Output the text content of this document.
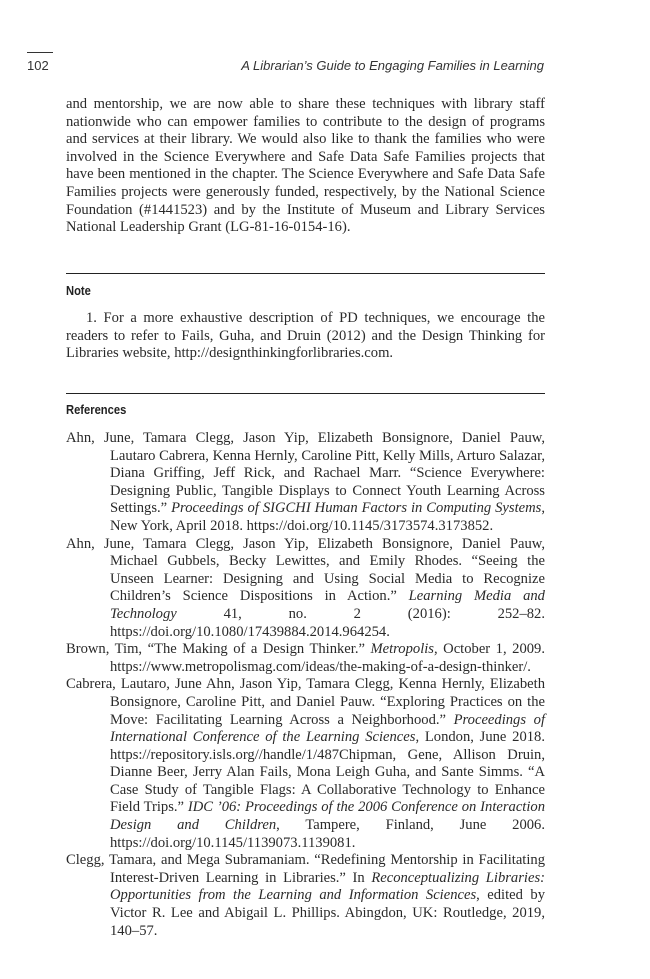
102	A Librarian’s Guide to Engaging Families in Learning

and mentorship, we are now able to share these techniques with library staff nationwide who can empower families to contribute to the design of programs and services at their library. We would also like to thank the families who were involved in the Science Everywhere and Safe Data Safe Families projects that have been mentioned in the chapter. The Science Everywhere and Safe Data Safe Families projects were generously funded, respectively, by the National Science Foundation (#1441523) and by the Institute of Museum and Library Services National Leadership Grant (LG-81-16-0154-16).

Note
1. For a more exhaustive description of PD techniques, we encourage the readers to refer to Fails, Guha, and Druin (2012) and the Design Thinking for Libraries website, http://designthinkingforlibraries.com.
References

Ahn, June, Tamara Clegg, Jason Yip, Elizabeth Bonsignore, Daniel Pauw, Lautaro Cabrera, Kenna Hernly, Caroline Pitt, Kelly Mills, Arturo Salazar, Diana Griffing, Jeff Rick, and Rachael Marr. “Science Everywhere: Designing Public, Tangible Displays to Connect Youth Learning Across Settings.” Proceedings of SIGCHI Human Factors in Computing Systems, New York, April 2018. https://doi.org/10.1145/3173574.3173852.

Ahn, June, Tamara Clegg, Jason Yip, Elizabeth Bonsignore, Daniel Pauw, Michael Gubbels, Becky Lewittes, and Emily Rhodes. “Seeing the Unseen Learner: Designing and Using Social Media to Recognize Children’s Science Dispositions in Action.” Learning Media and Technology 41, no. 2 (2016): 252–82. https://doi.org/10.1080/17439884.2014.964254.

Brown, Tim, “The Making of a Design Thinker.” Metropolis, October 1, 2009. https://www.metropolismag.com/ideas/the-making-of-a-design-thinker/.

Cabrera, Lautaro, June Ahn, Jason Yip, Tamara Clegg, Kenna Hernly, Elizabeth Bonsignore, Caroline Pitt, and Daniel Pauw. “Exploring Practices on the Move: Facilitating Learning Across a Neighborhood.” Proceedings of International Conference of the Learning Sciences, London, June 2018. https://repository.isls.org//handle/1/487Chipman, Gene, Allison Druin, Dianne Beer, Jerry Alan Fails, Mona Leigh Guha, and Sante Simms. “A Case Study of Tangible Flags: A Collaborative Technology to Enhance Field Trips.” IDC ’06: Proceedings of the 2006 Conference on Interaction Design and Children, Tampere, Finland, June 2006. https://doi.org/10.1145/1139073.1139081.

Clegg, Tamara, and Mega Subramaniam. “Redefining Mentorship in Facilitating Interest-Driven Learning in Libraries.” In Reconceptualizing Libraries: Opportunities from the Learning and Information Sciences, edited by Victor R. Lee and Abigail L. Phillips. Abingdon, UK: Routledge, 2019, 140–57.
